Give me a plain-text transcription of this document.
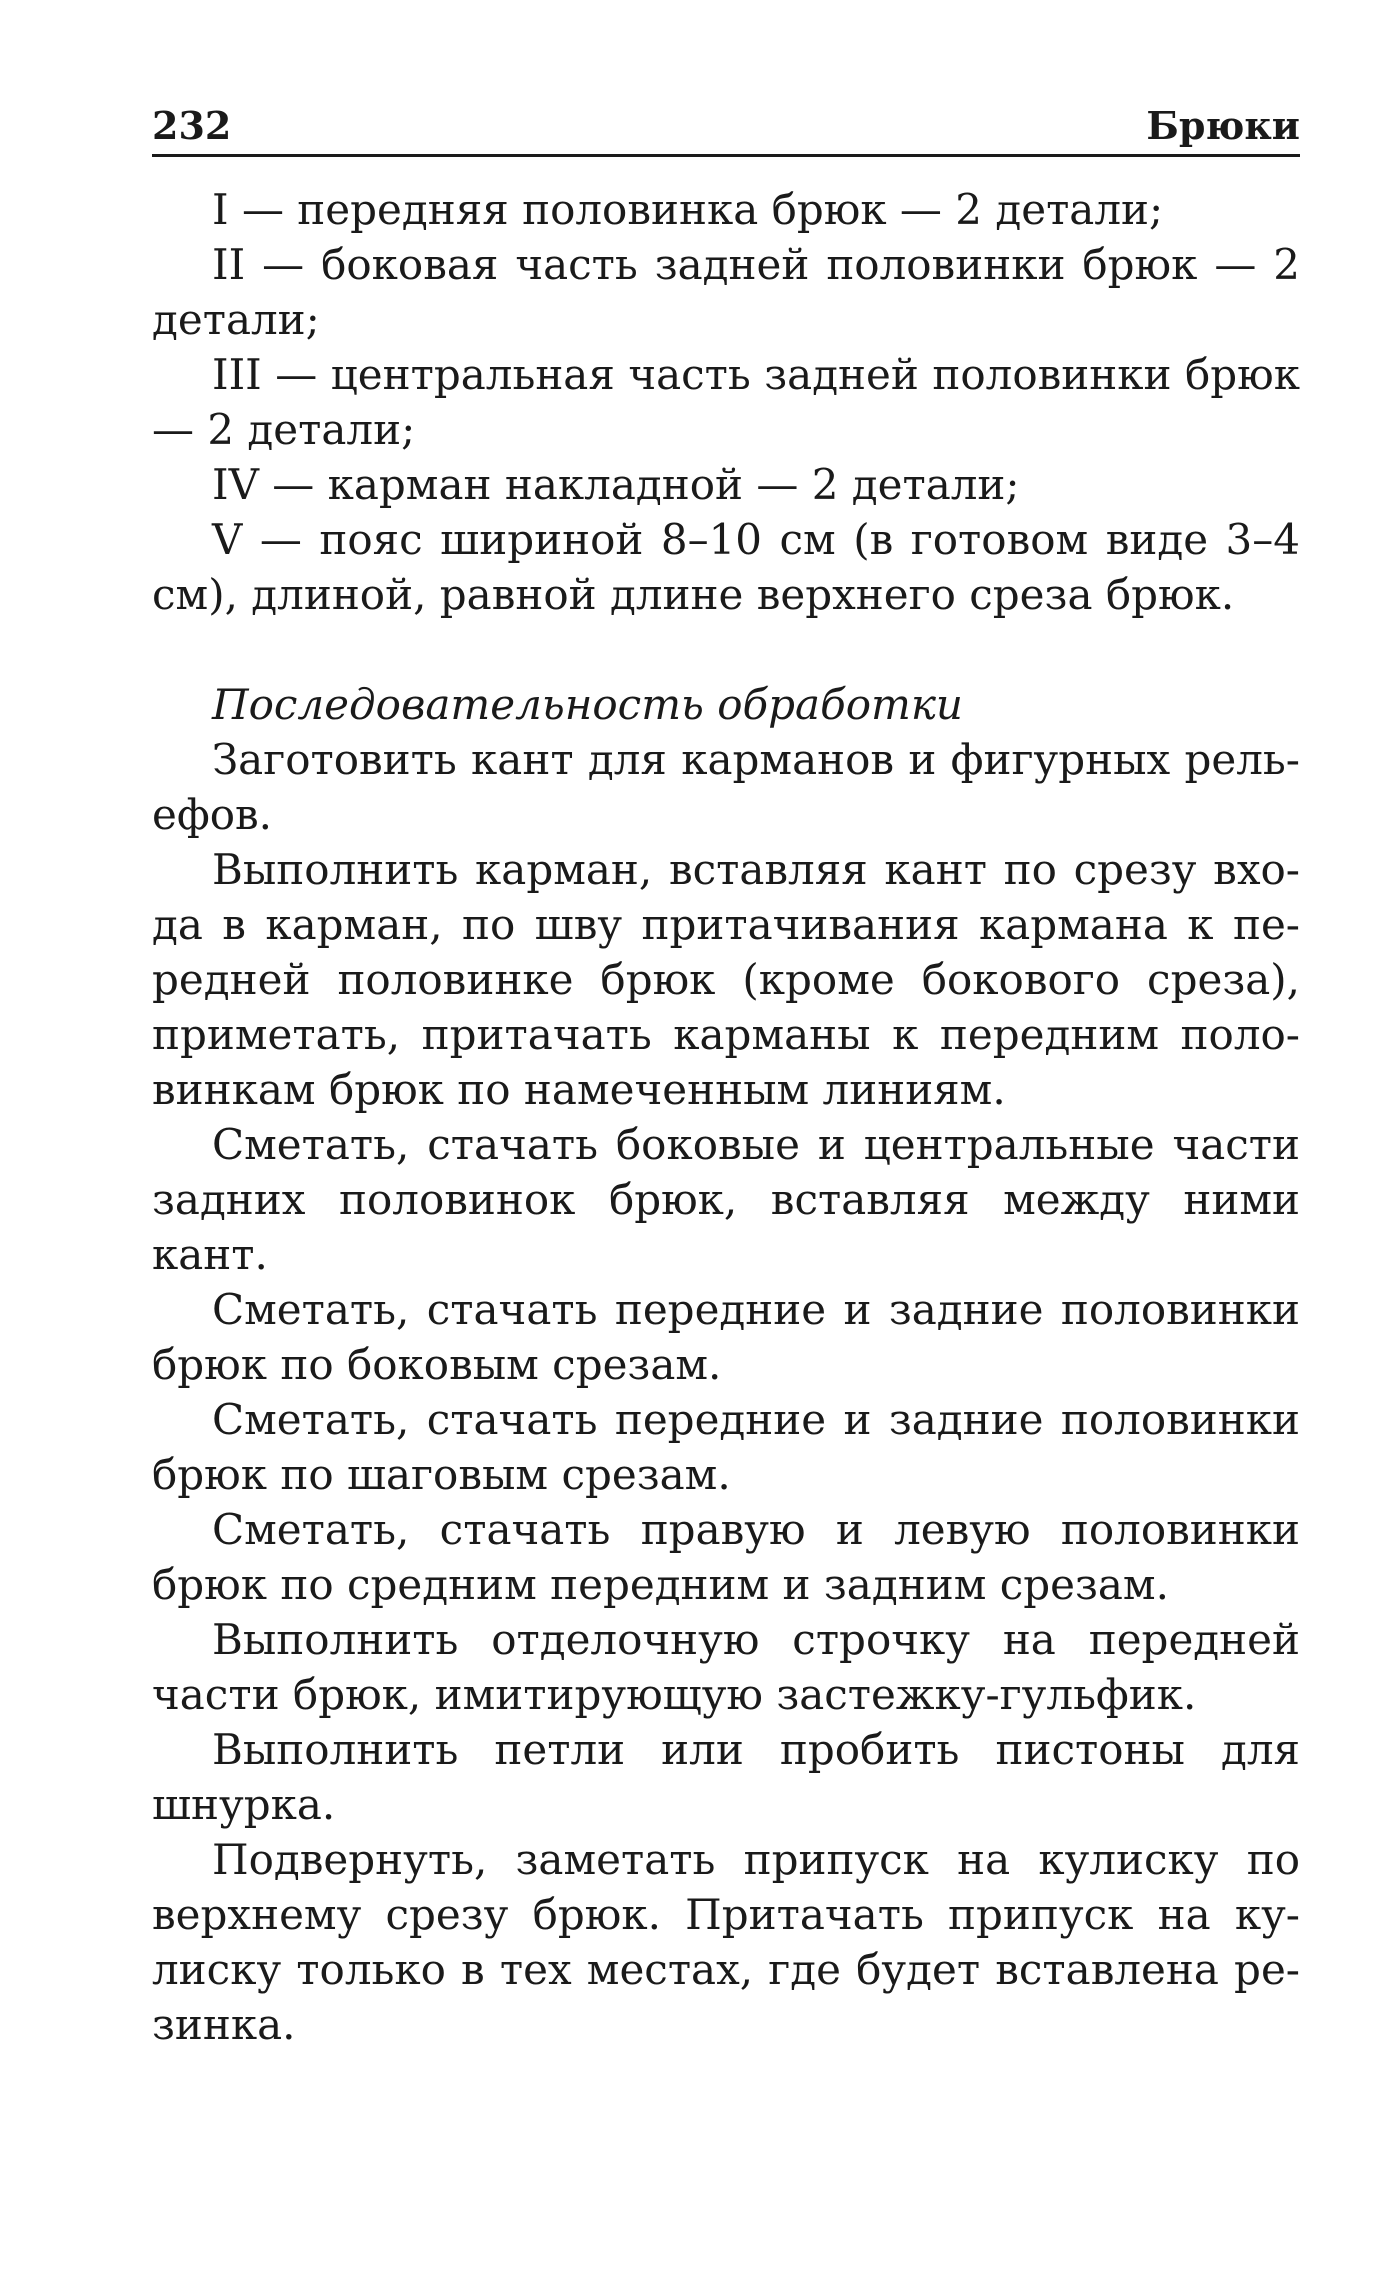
232	Брюки

I — передняя половинка брюк — 2 детали;

II — боковая часть задней половинки брюк — 2 детали;

III — центральная часть задней половинки брюк — 2 детали;

IV — карман накладной — 2 детали;

V — пояс шириной 8–10 см (в готовом виде 3–4 см), длиной, равной длине верхнего среза брюк.

Последовательность обработки

Заготовить кант для карманов и фигурных рельефов.

Выполнить карман, вставляя кант по срезу входа в карман, по шву притачивания кармана к передней половинке брюк (кроме бокового среза), приметать, притачать карманы к передним половинкам брюк по намеченным линиям.

Сметать, стачать боковые и центральные части задних половинок брюк, вставляя между ними кант.

Сметать, стачать передние и задние половинки брюк по боковым срезам.

Сметать, стачать передние и задние половинки брюк по шаговым срезам.

Сметать, стачать правую и левую половинки брюк по средним передним и задним срезам.

Выполнить отделочную строчку на передней части брюк, имитирующую застежку-гульфик.

Выполнить петли или пробить пистоны для шнурка.

Подвернуть, заметать припуск на кулиску по верхнему срезу брюк. Притачать припуск на кулиску только в тех местах, где будет вставлена резинка.
